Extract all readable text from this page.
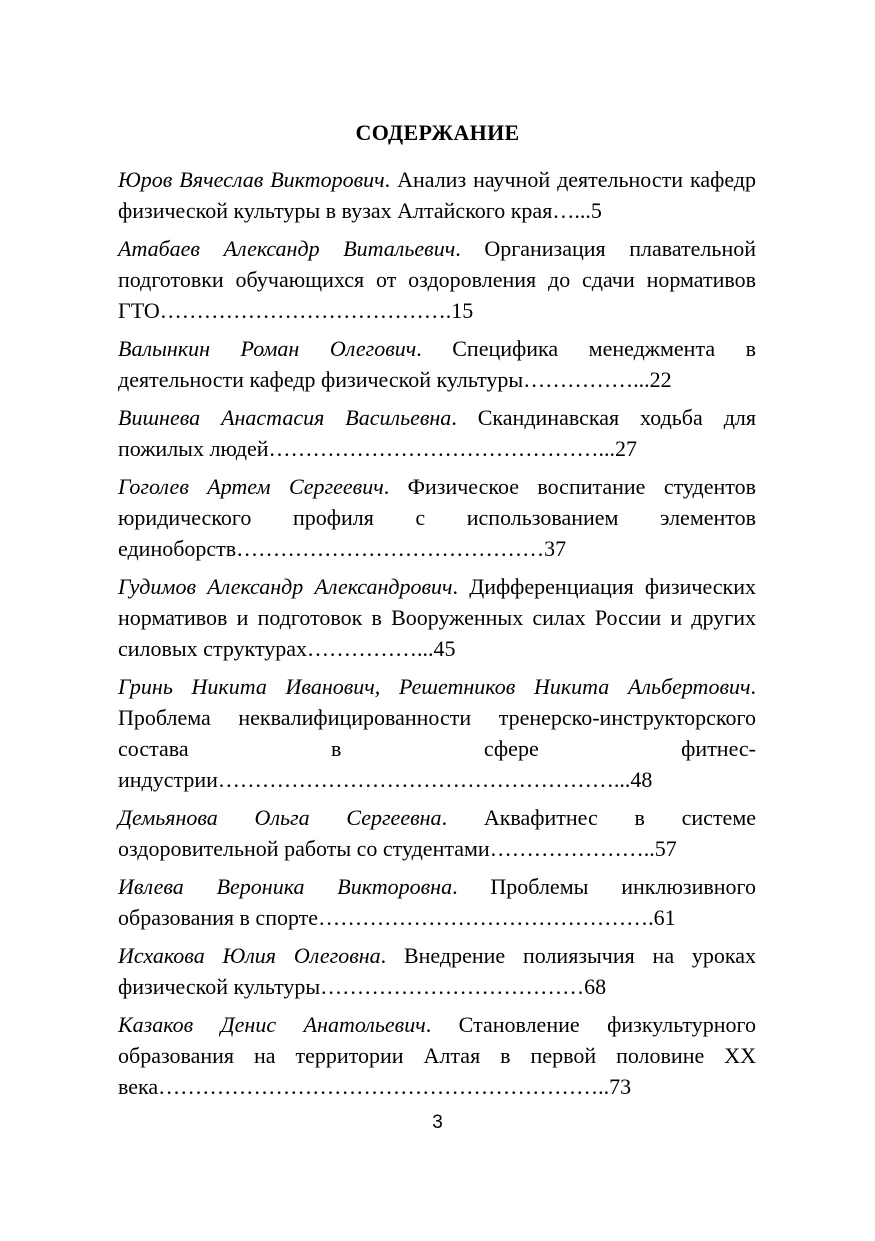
СОДЕРЖАНИЕ
Юров Вячеслав Викторович. Анализ научной деятельности кафедр физической культуры в вузах Алтайского края…...5
Атабаев Александр Витальевич. Организация плавательной подготовки обучающихся от оздоровления до сдачи нормативов ГТО………………………………….15
Валынкин Роман Олегович. Специфика менеджмента в деятельности кафедр физической культуры……………...22
Вишнева Анастасия Васильевна. Скандинавская ходьба для пожилых людей………………………………………...27
Гоголев Артем Сергеевич. Физическое воспитание студентов юридического профиля с использованием элементов единоборств……………………………………37
Гудимов Александр Александрович. Дифференциация физических нормативов и подготовок в Вооруженных силах России и других силовых структурах……………...45
Гринь Никита Иванович, Решетников Никита Альбертович. Проблема неквалифицированности тренерско-инструкторского состава в сфере фитнес-индустрии………………………………………………...48
Демьянова Ольга Сергеевна. Аквафитнес в системе оздоровительной работы со студентами…………………..57
Ивлева Вероника Викторовна. Проблемы инклюзивного образования в спорте……………………………………….61
Исхакова Юлия Олеговна. Внедрение полиязычия на уроках физической культуры………………………………68
Казаков Денис Анатольевич. Становление физкультурного образования на территории Алтая в первой половине XX века……………………………………………………..73
3
